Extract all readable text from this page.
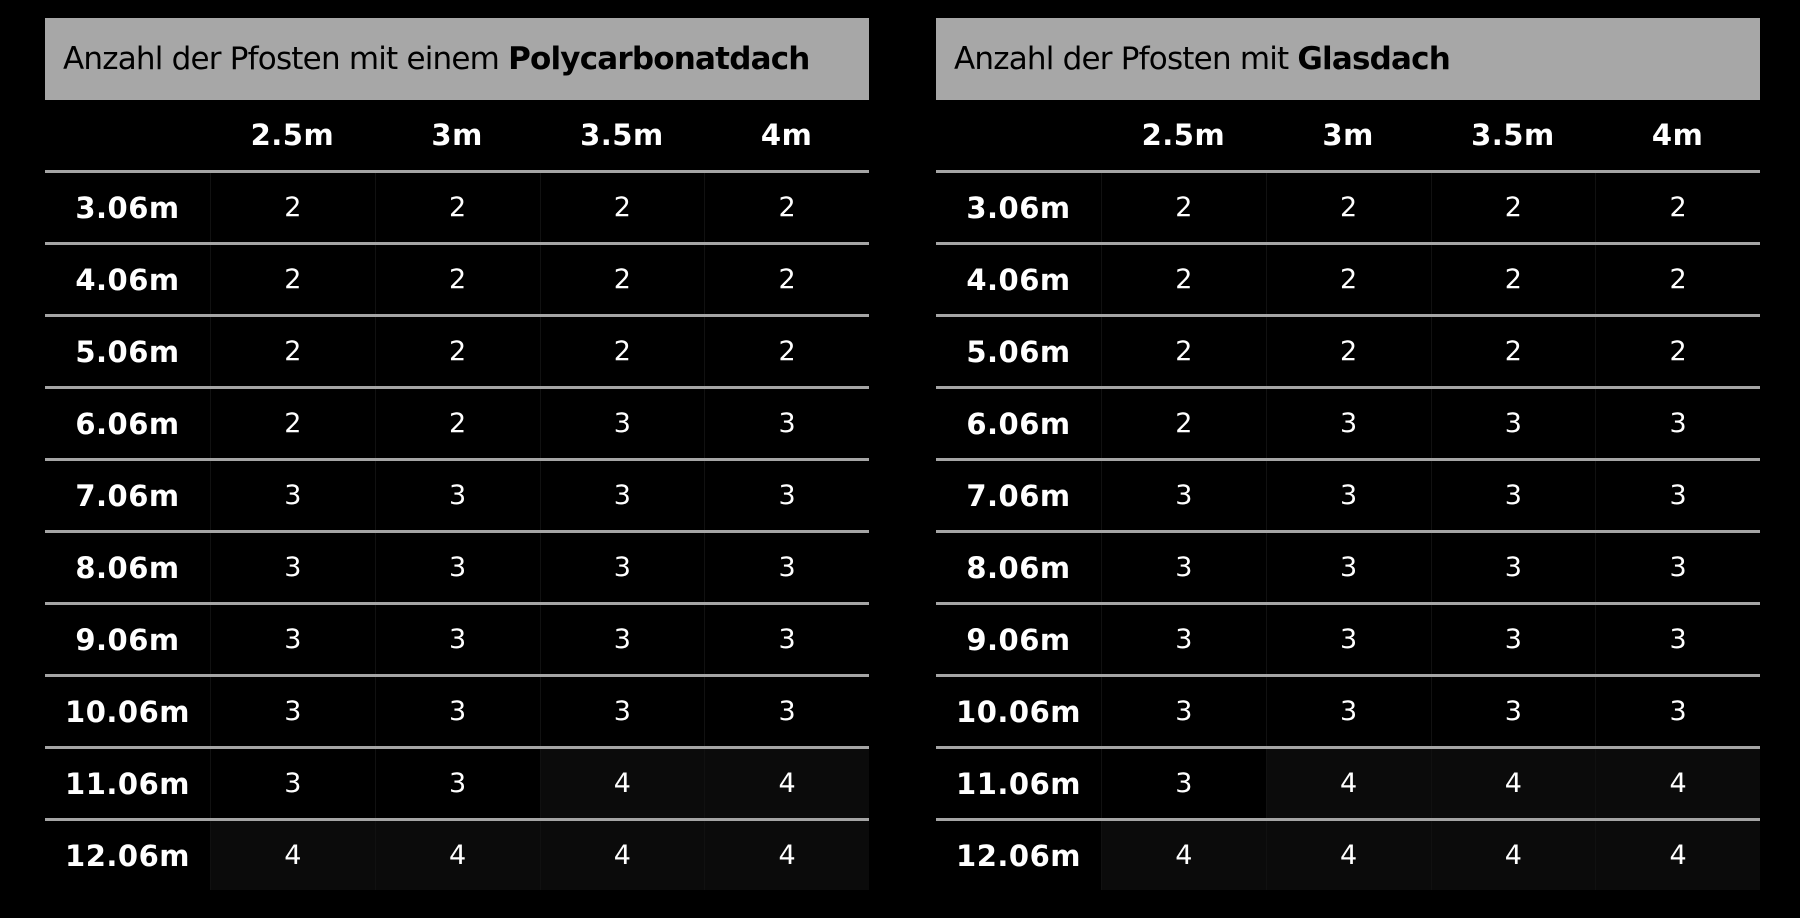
Anzahl der Pfosten mit einem Polycarbonatdach
2.5m	3m	3.5m	4m
3.06m	2	2	2	2
4.06m	2	2	2	2
5.06m	2	2	2	2
6.06m	2	2	3	3
7.06m	3	3	3	3
8.06m	3	3	3	3
9.06m	3	3	3	3
10.06m	3	3	3	3
11.06m	3	3	4	4
12.06m	4	4	4	4
Anzahl der Pfosten mit Glasdach
2.5m	3m	3.5m	4m
3.06m	2	2	2	2
4.06m	2	2	2	2
5.06m	2	2	2	2
6.06m	2	3	3	3
7.06m	3	3	3	3
8.06m	3	3	3	3
9.06m	3	3	3	3
10.06m	3	3	3	3
11.06m	3	4	4	4
12.06m	4	4	4	4
